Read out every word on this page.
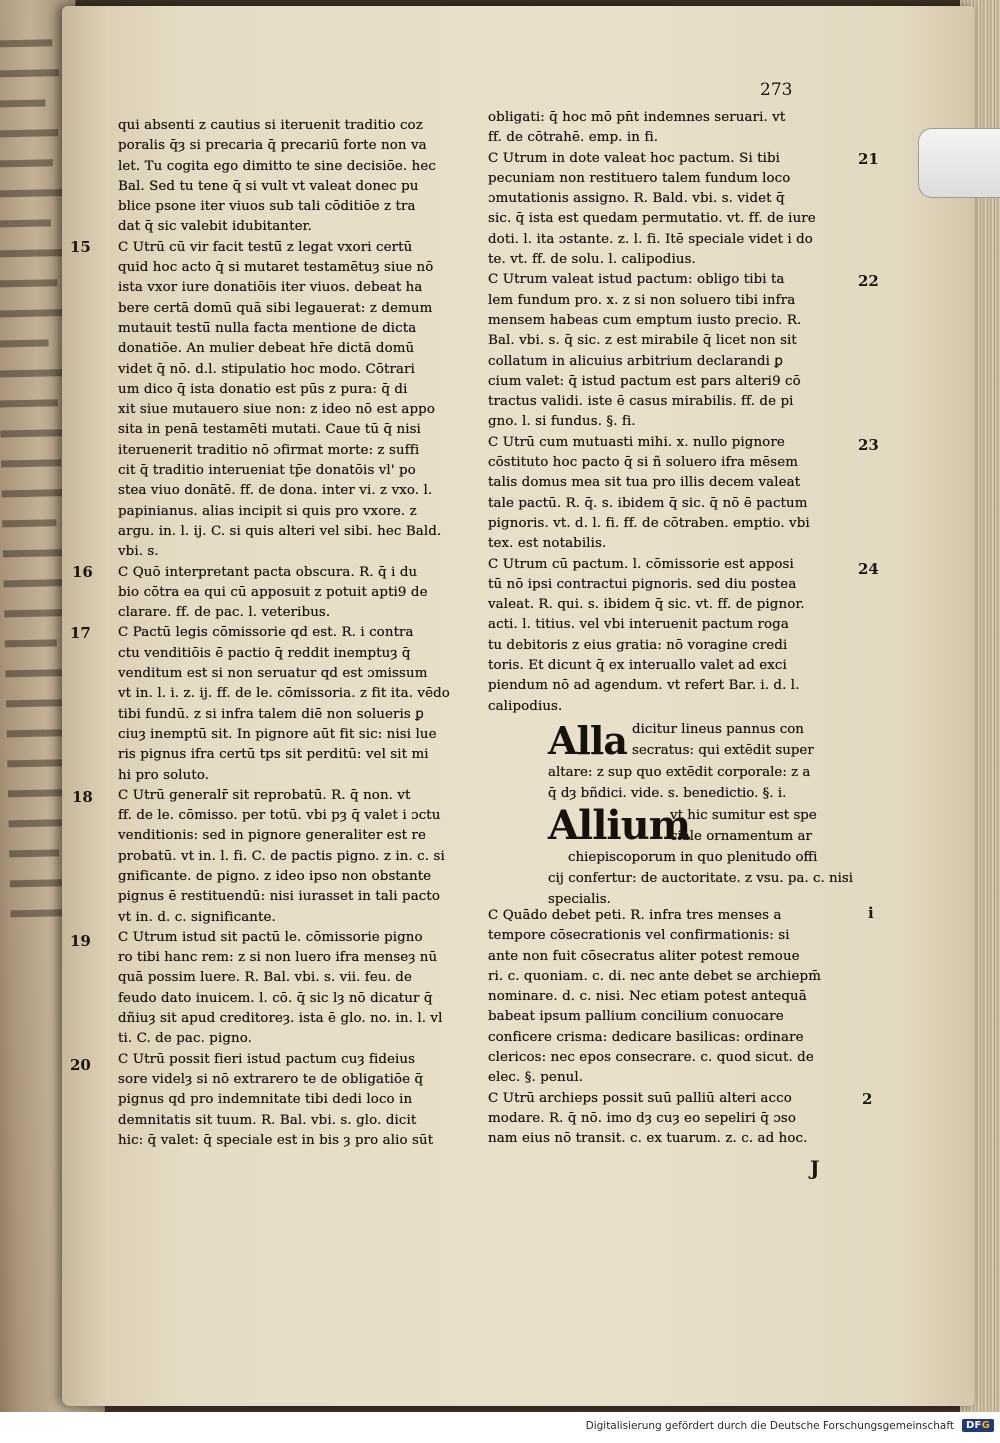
273
qui absenti z cautius si iteruenit traditio coz
poralis q̄ȝ si precaria q̄ precariū forte non va
let. Tu cogita ego dimitto te sine decisiōe. hec
Bal. Sed tu tene q̄ si vult vt valeat donec pu
blice psone iter viuos sub tali cōditiōe z tra
dat q̄ sic valebit idubitanter.
C Utrū cū vir facit testū̄ z legat vxori certū
quid hoc acto q̄ si mutaret testamētuȝ siue nō
ista vxor iure donatiōis iter viuos. debeat ha
bere certā domū quā sibi legauerat: z demum
mutauit testū̄ nulla facta mentione de dicta
donatiōe. An mulier debeat hr̄e dictā domū
videt q̄ nō. d.l. stipulatio hoc modo. Cōtrari
um dico q̄ ista donatio est pūs z pura: q̄ di
xit siue mutauero siue non: z ideo nō est appo
sita in penā testamēti mutati. Caue tū q̄ nisi
iteruenerit traditio nō ɔfirmat morte: z suffi
cit q̄ traditio interueniat tp̄e donatōis vl' po
stea viuo donātē. ff. de dona. inter vi. z vxo. l.
papinianus. alias incipit si quis pro vxore. z
argu. in. l. ij. C. si quis alteri vel sibi. hec Bald.
vbi. s.
C Quō interpretant pacta obscura. R. q̄ i du
bio cōtra ea qui cū apposuit z potuit apti9 de
clarare. ff. de pac. l. veteribus.
C Pactū legis cōmissorie qd est. R. i contra
ctu venditiōis ē pactio q̄ reddit inemptuȝ q̄
venditum est si non seruatur qd est ɔmissum
vt in. l. i. z. ij. ff. de le. cōmissoria. z fit ita. vēdo
tibi fundū. z si infra talem diē non solueris ꝑ
ciuȝ inemptū sit. In pignore aūt fit sic: nisi lue
ris pignus ifra certū tps sit perditū: vel sit mi
hi pro soluto.
C Utrū generalr̄ sit reprobatū. R. q̄ non. vt
ff. de le. cōmisso. per totū. vbi pȝ q̄ valet i ɔctu
venditionis: sed in pignore generaliter est re
probatū. vt in. l. fi. C. de pactis pigno. z in. c. si
gnificante. de pigno. z ideo ipso non obstante
pignus ē restituendū: nisi iurasset in tali pacto
vt in. d. c. significante.
C Utrum istud sit pactū le. cōmissorie pigno
ro tibi hanc rem: z si non luero ifra menseȝ nū
quā possim luere. R. Bal. vbi. s. vii. feu. de
feudo dato inuicem. l. cō. q̄ sic lȝ nō dicatur q̄
dñiuȝ sit apud creditoreȝ. ista ē glo. no. in. l. vl
ti. C. de pac. pigno.
C Utrū possit fieri istud pactum cuȝ fideius
sore videlȝ si nō extrarero te de obligatiōe q̄
pignus qd pro indemnitate tibi dedi loco in
demnitatis sit tuum. R. Bal. vbi. s. glo. dicit
hic: q̄ valet: q̄ speciale est in bis ȝ pro alio sūt
15
16
17
18
19
20
obligati: q̄ hoc mō pn̄t indemnes seruari. vt
ff. de cōtrahē. emp. in fi.
C Utrum in dote valeat hoc pactum. Si tibi
pecuniam non restituero talem fundum loco
ɔmutationis assigno. R. Bald. vbi. s. videt q̄
sic. q̄ ista est quedam permutatio. vt. ff. de iure
doti. l. ita ɔstante. z. l. fi. Itē speciale videt i do
te. vt. ff. de solu. l. calipodius.
C Utrum valeat istud pactum: obligo tibi ta
lem fundum pro. x. z si non soluero tibi infra
mensem habeas cum emptum iusto precio. R.
Bal. vbi. s. q̄ sic. z est mirabile q̄ licet non sit
collatum in alicuius arbitrium declarandi ꝑ
cium valet: q̄ istud pactum est pars alteri9 cō
tractus validi. iste ē casus mirabilis. ff. de pi
gno. l. si fundus. §. fi.
C Utrū cum mutuasti mihi. x. nullo pignore
cōstituto hoc pacto q̄ si ñ soluero ifra mēsem
talis domus mea sit tua pro illis decem valeat
tale pactū. R. q̄. s. ibidem q̄ sic. q̄ nō ē pactum
pignoris. vt. d. l. fi. ff. de cōtraben. emptio. vbi
tex. est notabilis.
C Utrum cū pactum. l. cōmissorie est apposi
tū nō ipsi contractui pignoris. sed diu postea
valeat. R. qui. s. ibidem q̄ sic. vt. ff. de pignor.
acti. l. titius. vel vbi interuenit pactum roga
tu debitoris z eius gratia: nō voragine credi
toris. Et dicunt q̄ ex interuallo valet ad exci
piendum nō ad agendum. vt refert Bar. i. d. l.
calipodius.
Alla dicitur lineus pannus con
secratus: qui extēdit super
altare: z sup quo extēdit corporale: z a
q̄ dȝ bñdici. vide. s. benedictio. §. i.
Allium
vt hic sumitur est spe
ciale ornamentum ar
chiepiscoporum in quo plenitudo offi
cij confertur: de auctoritate. z vsu. pa. c. nisi
specialis.
C Quādo debet peti. R. infra tres menses a
tempore cōsecrationis vel confirmationis: si
ante non fuit cōsecratus aliter potest remoue
ri. c. quoniam. c. di. nec ante debet se archiepm̄
nominare. d. c. nisi. Nec etiam potest antequā
babeat ipsum pallium concilium conuocare
conficere crisma: dedicare basilicas: ordinare
clericos: nec epos consecrare. c. quod sicut. de
elec. §. penul.
C Utrū archieps possit suū palliū alteri acco
modare. R. q̄ nō. imo dȝ cuȝ eo sepeliri q̄ ɔso
nam eius nō transit. c. ex tuarum. z. c. ad hoc.
21
22
23
24
i
2
J
Digitalisierung gefördert durch die Deutsche Forschungsgemeinschaft	DFG
